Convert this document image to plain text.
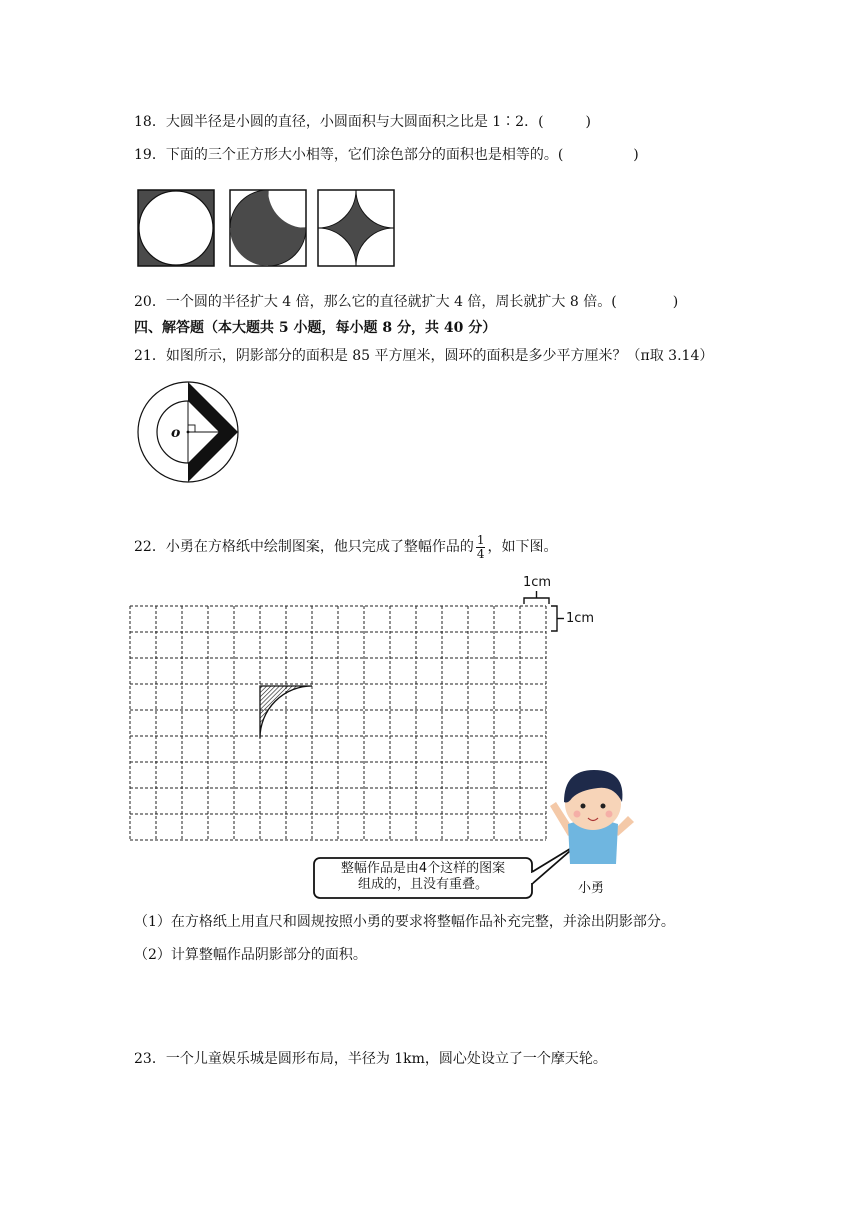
18．大圆半径是小圆的直径，小圆面积与大圆面积之比是 1∶2．(　　　)
19．下面的三个正方形大小相等，它们涂色部分的面积也是相等的。(　　　　　)
20．一个圆的半径扩大 4 倍，那么它的直径就扩大 4 倍，周长就扩大 8 倍。(　　　　)
四、解答题（本大题共 5 小题，每小题 8 分，共 40 分）
21．如图所示，阴影部分的面积是 85 平方厘米，圆环的面积是多少平方厘米？（π取 3.14）
o
22．小勇在方格纸中绘制图案，他只完成了整幅作品的 $\frac{1}{4}$ ，如下图。
1cm
1cm
整幅作品是由4个这样的图案
组成的，且没有重叠。	小勇
（1）在方格纸上用直尺和圆规按照小勇的要求将整幅作品补充完整，并涂出阴影部分。
（2）计算整幅作品阴影部分的面积。
23．一个儿童娱乐城是圆形布局，半径为 1km，圆心处设立了一个摩天轮。
